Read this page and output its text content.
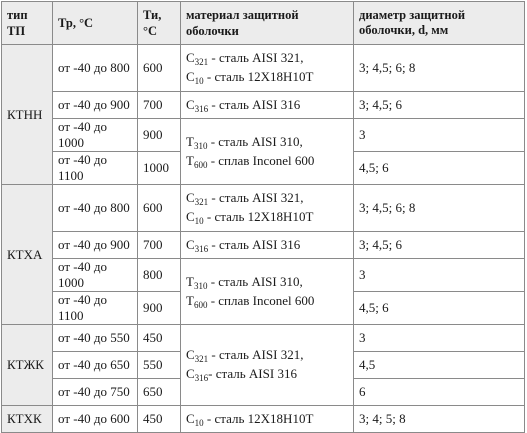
тип ТП	Тр, °С	Ти, °С	материал защитной оболочки	диаметр защитной оболочки, d, мм
КТНН	от -40 до 800	600	$С_{321}$ - сталь AISI 321,
$С_{10}$ - сталь 12Х18Н10Т	3; 4,5; 6; 8
	от -40 до 900	700	$С_{316}$ - сталь AISI 316	3; 4,5; 6
	от -40 до 1000	900	$Т_{310}$ - сталь AISI 310,
$Т_{600}$ - сплав Inconel 600	3
	от -40 до 1100	1000		4,5; 6
КТХА	от -40 до 800	600	$С_{321}$ - сталь AISI 321,
$С_{10}$ - сталь 12Х18Н10Т	3; 4,5; 6; 8
	от -40 до 900	700	$С_{316}$ - сталь AISI 316	3; 4,5; 6
	от -40 до 1000	800	$Т_{310}$ - сталь AISI 310,
$Т_{600}$ - сплав Inconel 600	3
	от -40 до 1100	900		4,5; 6
КТЖК	от -40 до 550	450	$С_{321}$ - сталь AISI 321,
$С_{316}-$ сталь AISI 316	3
	от -40 до 650	550		4,5
	от -40 до 750	650		6
КТХК	от -40 до 600	450	$С_{10}$ - сталь 12Х18Н10Т	3; 4; 5; 8
